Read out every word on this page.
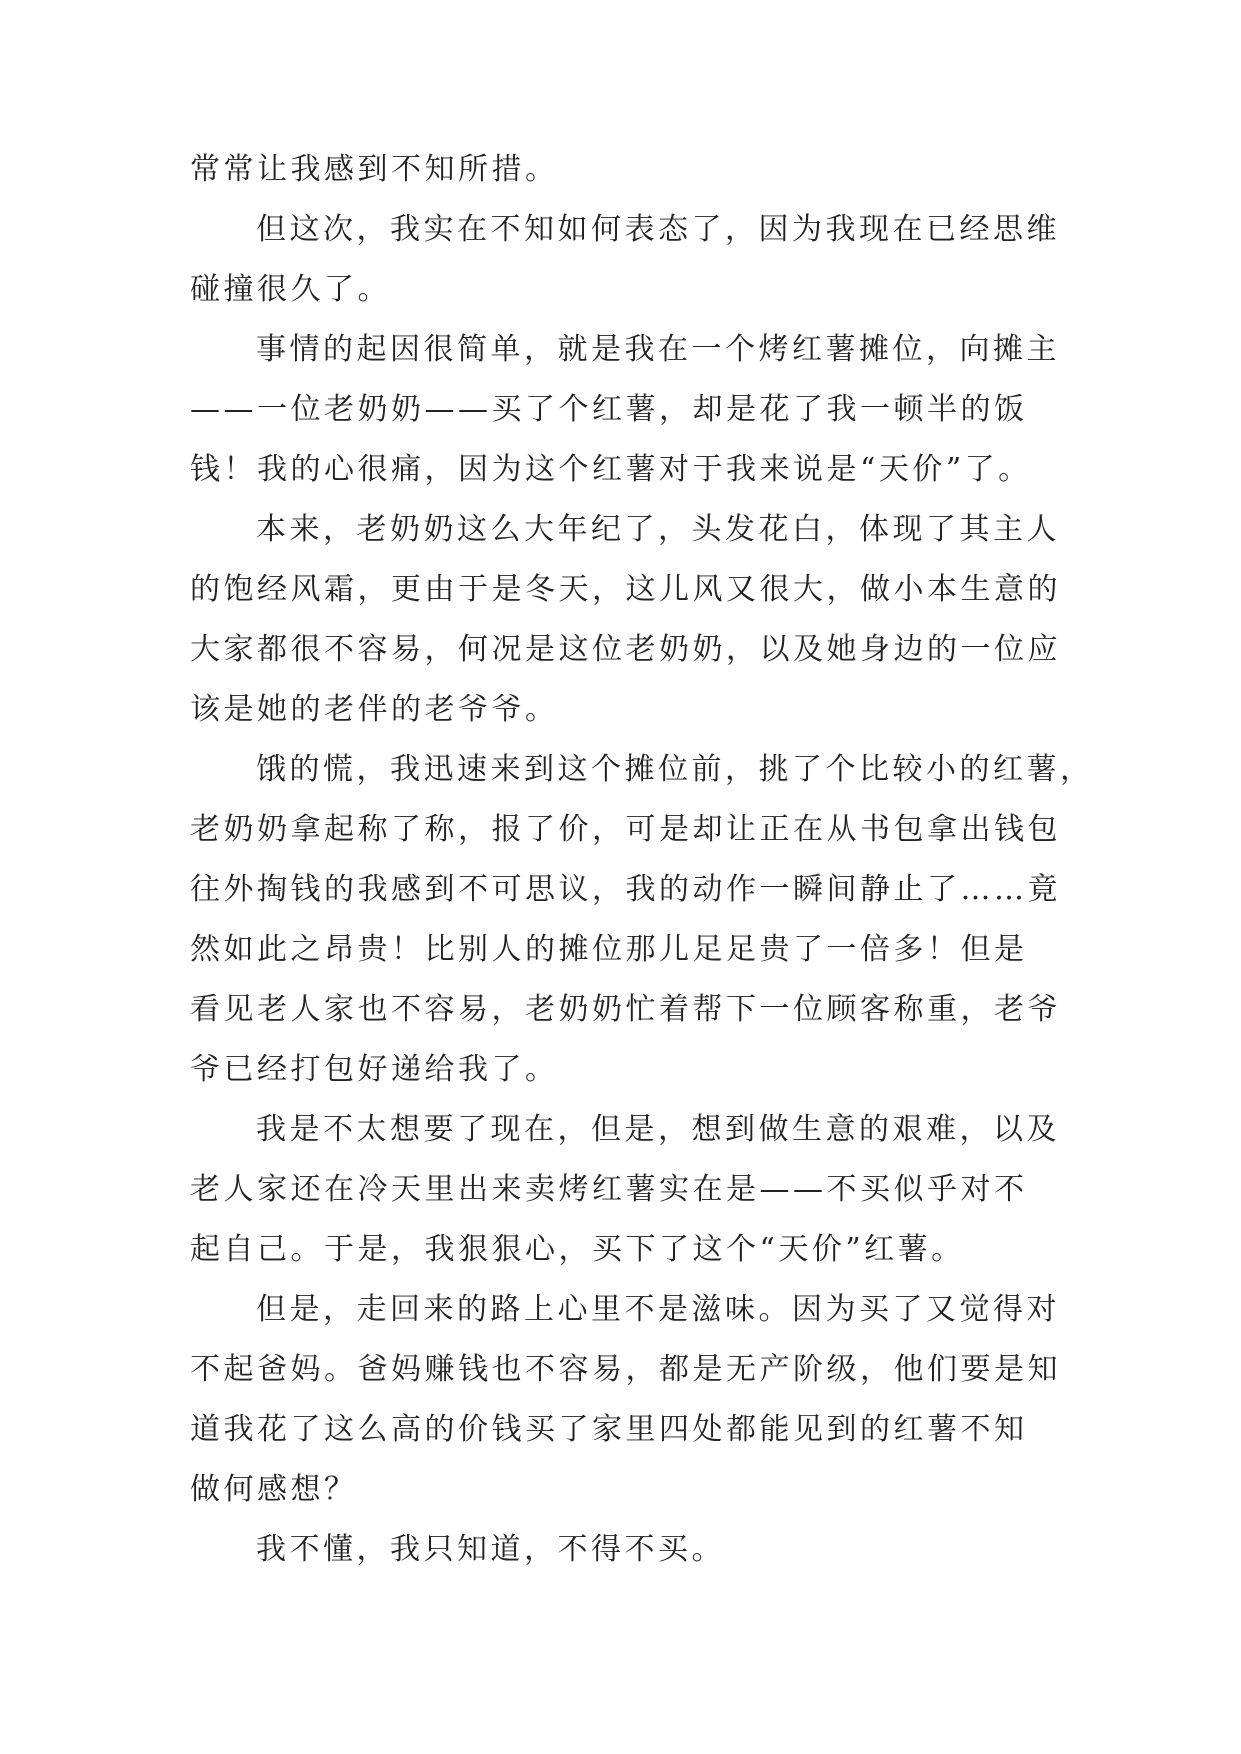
常常让我感到不知所措。
但这次，我实在不知如何表态了，因为我现在已经思维
碰撞很久了。
事情的起因很简单，就是我在一个烤红薯摊位，向摊主
——一位老奶奶——买了个红薯，却是花了我一顿半的饭
钱！我的心很痛，因为这个红薯对于我来说是“天价”了。
本来，老奶奶这么大年纪了，头发花白，体现了其主人
的饱经风霜，更由于是冬天，这儿风又很大，做小本生意的
大家都很不容易，何况是这位老奶奶，以及她身边的一位应
该是她的老伴的老爷爷。
饿的慌，我迅速来到这个摊位前，挑了个比较小的红薯，
老奶奶拿起称了称，报了价，可是却让正在从书包拿出钱包
往外掏钱的我感到不可思议，我的动作一瞬间静止了……竟
然如此之昂贵！比别人的摊位那儿足足贵了一倍多！但是
看见老人家也不容易，老奶奶忙着帮下一位顾客称重，老爷
爷已经打包好递给我了。
我是不太想要了现在，但是，想到做生意的艰难，以及
老人家还在冷天里出来卖烤红薯实在是——不买似乎对不
起自己。于是，我狠狠心，买下了这个“天价”红薯。
但是，走回来的路上心里不是滋味。因为买了又觉得对
不起爸妈。爸妈赚钱也不容易，都是无产阶级，他们要是知
道我花了这么高的价钱买了家里四处都能见到的红薯不知
做何感想？
我不懂，我只知道，不得不买。
